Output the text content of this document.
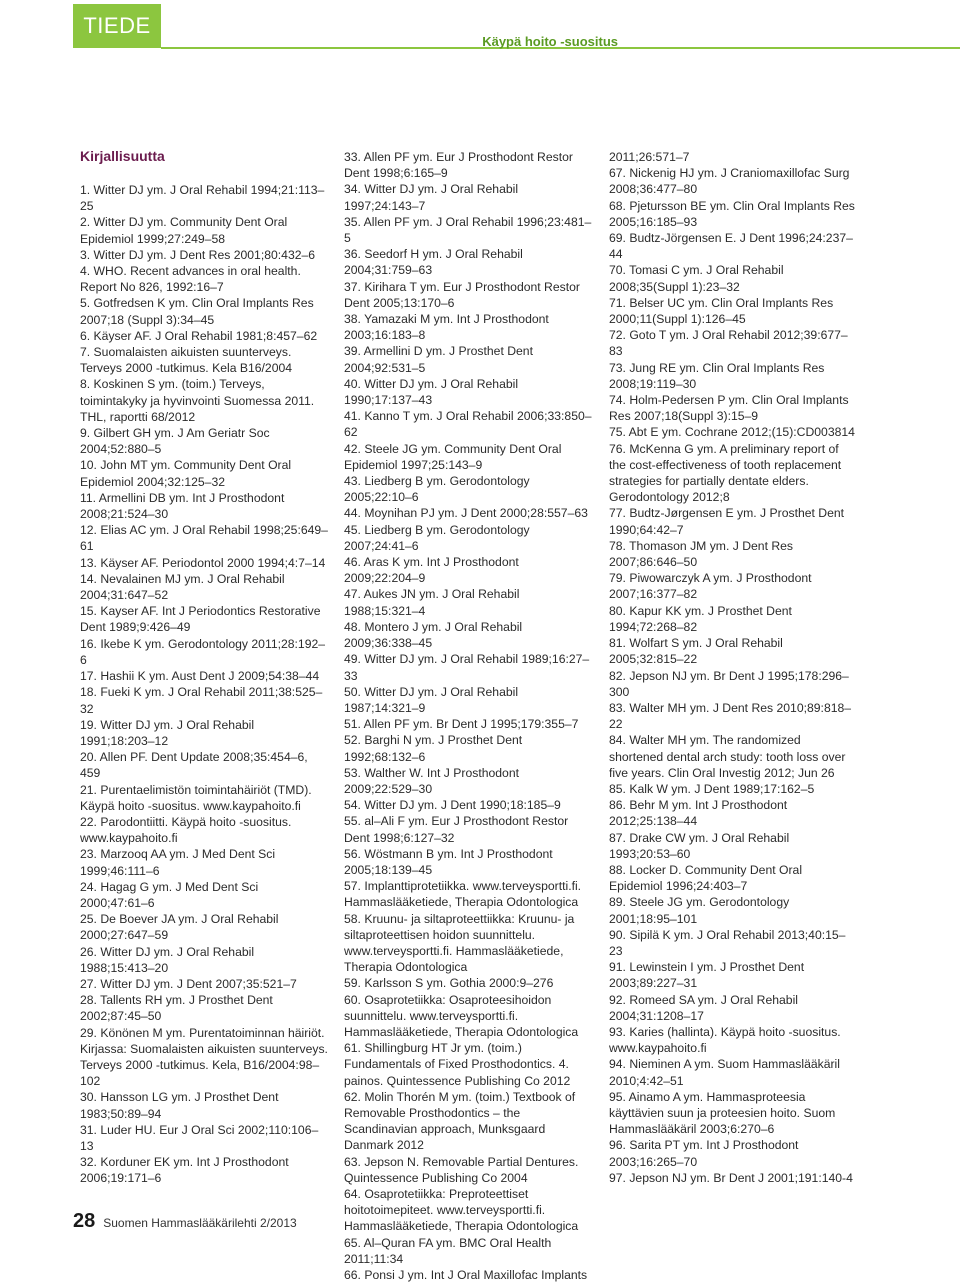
TIEDE
Käypä hoito -suositus
Kirjallisuutta

1. Witter DJ ym. J Oral Rehabil 1994;21:113–25

2. Witter DJ ym. Community Dent Oral Epidemiol 1999;27:249–58

3. Witter DJ ym. J Dent Res 2001;80:432–6

4. WHO. Recent advances in oral health. Report No 826, 1992:16–7

5. Gotfredsen K ym. Clin Oral Implants Res 2007;18 (Suppl 3):34–45

6. Käyser AF. J Oral Rehabil 1981;8:457–62

7. Suomalaisten aikuisten suunterveys. Terveys 2000 -tutkimus. Kela B16/2004

8. Koskinen S ym. (toim.) Terveys, toimintakyky ja hyvinvointi Suomessa 2011. THL, raportti 68/2012

9. Gilbert GH ym. J Am Geriatr Soc 2004;52:880–5

10. John MT ym. Community Dent Oral Epidemiol 2004;32:125–32

11. Armellini DB ym. Int J Prosthodont 2008;21:524–30

12. Elias AC ym. J Oral Rehabil 1998;25:649–61

13. Käyser AF. Periodontol 2000 1994;4:7–14

14. Nevalainen MJ ym. J Oral Rehabil 2004;31:647–52

15. Kayser AF. Int J Periodontics Restorative Dent 1989;9:426–49

16. Ikebe K ym. Gerodontology 2011;28:192–6

17. Hashii K ym. Aust Dent J 2009;54:38–44

18. Fueki K ym. J Oral Rehabil 2011;38:525–32

19. Witter DJ ym. J Oral Rehabil 1991;18:203–12

20. Allen PF. Dent Update 2008;35:454–6, 459

21. Purentaelimistön toimintahäiriöt (TMD). Käypä hoito -suositus. www.kaypahoito.fi

22. Parodontiitti. Käypä hoito -suositus. www.kaypahoito.fi

23. Marzooq AA ym. J Med Dent Sci 1999;46:111–6

24. Hagag G ym. J Med Dent Sci 2000;47:61–6

25. De Boever JA ym. J Oral Rehabil 2000;27:647–59

26. Witter DJ ym. J Oral Rehabil 1988;15:413–20

27. Witter DJ ym. J Dent 2007;35:521–7

28. Tallents RH ym. J Prosthet Dent 2002;87:45–50

29. Könönen M ym. Purentatoiminnan häiriöt. Kirjassa: Suomalaisten aikuisten suunterveys. Terveys 2000 -tutkimus. Kela, B16/2004:98–102

30. Hansson LG ym. J Prosthet Dent 1983;50:89–94

31. Luder HU. Eur J Oral Sci 2002;110:106–13

32. Korduner EK ym. Int J Prosthodont 2006;19:171–6

33. Allen PF ym. Eur J Prosthodont Restor Dent 1998;6:165–9

34. Witter DJ ym. J Oral Rehabil 1997;24:143–7

35. Allen PF ym. J Oral Rehabil 1996;23:481–5

36. Seedorf H ym. J Oral Rehabil 2004;31:759–63

37. Kirihara T ym. Eur J Prosthodont Restor Dent 2005;13:170–6

38. Yamazaki M ym. Int J Prosthodont 2003;16:183–8

39. Armellini D ym. J Prosthet Dent 2004;92:531–5

40. Witter DJ ym. J Oral Rehabil 1990;17:137–43

41. Kanno T ym. J Oral Rehabil 2006;33:850–62

42. Steele JG ym. Community Dent Oral Epidemiol 1997;25:143–9

43. Liedberg B ym. Gerodontology 2005;22:10–6

44. Moynihan PJ ym. J Dent 2000;28:557–63

45. Liedberg B ym. Gerodontology 2007;24:41–6

46. Aras K ym. Int J Prosthodont 2009;22:204–9

47. Aukes JN ym. J Oral Rehabil 1988;15:321–4

48. Montero J ym. J Oral Rehabil 2009;36:338–45

49. Witter DJ ym. J Oral Rehabil 1989;16:27–33

50. Witter DJ ym. J Oral Rehabil 1987;14:321–9

51. Allen PF ym. Br Dent J 1995;179:355–7

52. Barghi N ym. J Prosthet Dent 1992;68:132–6

53. Walther W. Int J Prosthodont 2009;22:529–30

54. Witter DJ ym. J Dent 1990;18:185–9

55. al–Ali F ym. Eur J Prosthodont Restor Dent 1998;6:127–32

56. Wöstmann B ym. Int J Prosthodont 2005;18:139–45

57. Implanttiprotetiikka. www.terveysportti.fi. Hammaslääketiede, Therapia Odontologica

58. Kruunu- ja siltaproteettiikka: Kruunu- ja siltaproteettisen hoidon suunnittelu. www.terveysportti.fi. Hammaslääketiede, Therapia Odontologica

59. Karlsson S ym. Gothia 2000:9–276

60. Osaprotetiikka: Osaproteesihoidon suunnittelu. www.terveysportti.fi. Hammaslääketiede, Therapia Odontologica

61. Shillingburg HT Jr ym. (toim.) Fundamentals of Fixed Prosthodontics. 4. painos. Quintessence Publishing Co 2012

62. Molin Thorén M ym. (toim.) Textbook of Removable Prosthodontics – the Scandinavian approach, Munksgaard Danmark 2012

63. Jepson N. Removable Partial Dentures. Quintessence Publishing Co 2004

64. Osaprotetiikka: Preproteettiset hoitotoimepiteet. www.terveysportti.fi. Hammaslääketiede, Therapia Odontologica

65. Al–Quran FA ym. BMC Oral Health 2011;11:34

66. Ponsi J ym. Int J Oral Maxillofac Implants

2011;26:571–7

67. Nickenig HJ ym. J Craniomaxillofac Surg 2008;36:477–80

68. Pjetursson BE ym. Clin Oral Implants Res 2005;16:185–93

69. Budtz-Jörgensen E. J Dent 1996;24:237–44

70. Tomasi C ym. J Oral Rehabil 2008;35(Suppl 1):23–32

71. Belser UC ym. Clin Oral Implants Res 2000;11(Suppl 1):126–45

72. Goto T ym. J Oral Rehabil 2012;39:677–83

73. Jung RE ym. Clin Oral Implants Res 2008;19:119–30

74. Holm-Pedersen P ym. Clin Oral Implants Res 2007;18(Suppl 3):15–9

75. Abt E ym. Cochrane 2012;(15):CD003814

76. McKenna G ym. A preliminary report of the cost-effectiveness of tooth replacement strategies for partially dentate elders. Gerodontology 2012;8

77. Budtz-Jørgensen E ym. J Prosthet Dent 1990;64:42–7

78. Thomason JM ym. J Dent Res 2007;86:646–50

79. Piwowarczyk A ym. J Prosthodont 2007;16:377–82

80. Kapur KK ym. J Prosthet Dent 1994;72:268–82

81. Wolfart S ym. J Oral Rehabil 2005;32:815–22

82. Jepson NJ ym. Br Dent J 1995;178:296–300

83. Walter MH ym. J Dent Res 2010;89:818–22

84. Walter MH ym. The randomized shortened dental arch study: tooth loss over five years. Clin Oral Investig 2012; Jun 26

85. Kalk W ym. J Dent 1989;17:162–5

86. Behr M ym. Int J Prosthodont 2012;25:138–44

87. Drake CW ym. J Oral Rehabil 1993;20:53–60

88. Locker D. Community Dent Oral Epidemiol 1996;24:403–7

89. Steele JG ym. Gerodontology 2001;18:95–101

90. Sipilä K ym. J Oral Rehabil 2013;40:15–23

91. Lewinstein I ym. J Prosthet Dent 2003;89:227–31

92. Romeed SA ym. J Oral Rehabil 2004;31:1208–17

93. Karies (hallinta). Käypä hoito -suositus. www.kaypahoito.fi

94. Nieminen A ym. Suom Hammaslääkäril 2010;4:42–51

95. Ainamo A ym. Hammasproteesia käyttävien suun ja proteesien hoito. Suom Hammaslääkäril 2003;6:270–6

96. Sarita PT ym. Int J Prosthodont 2003;16:265–70

97. Jepson NJ ym. Br Dent J 2001;191:140-4

28 Suomen Hammaslääkärilehti 2/2013
